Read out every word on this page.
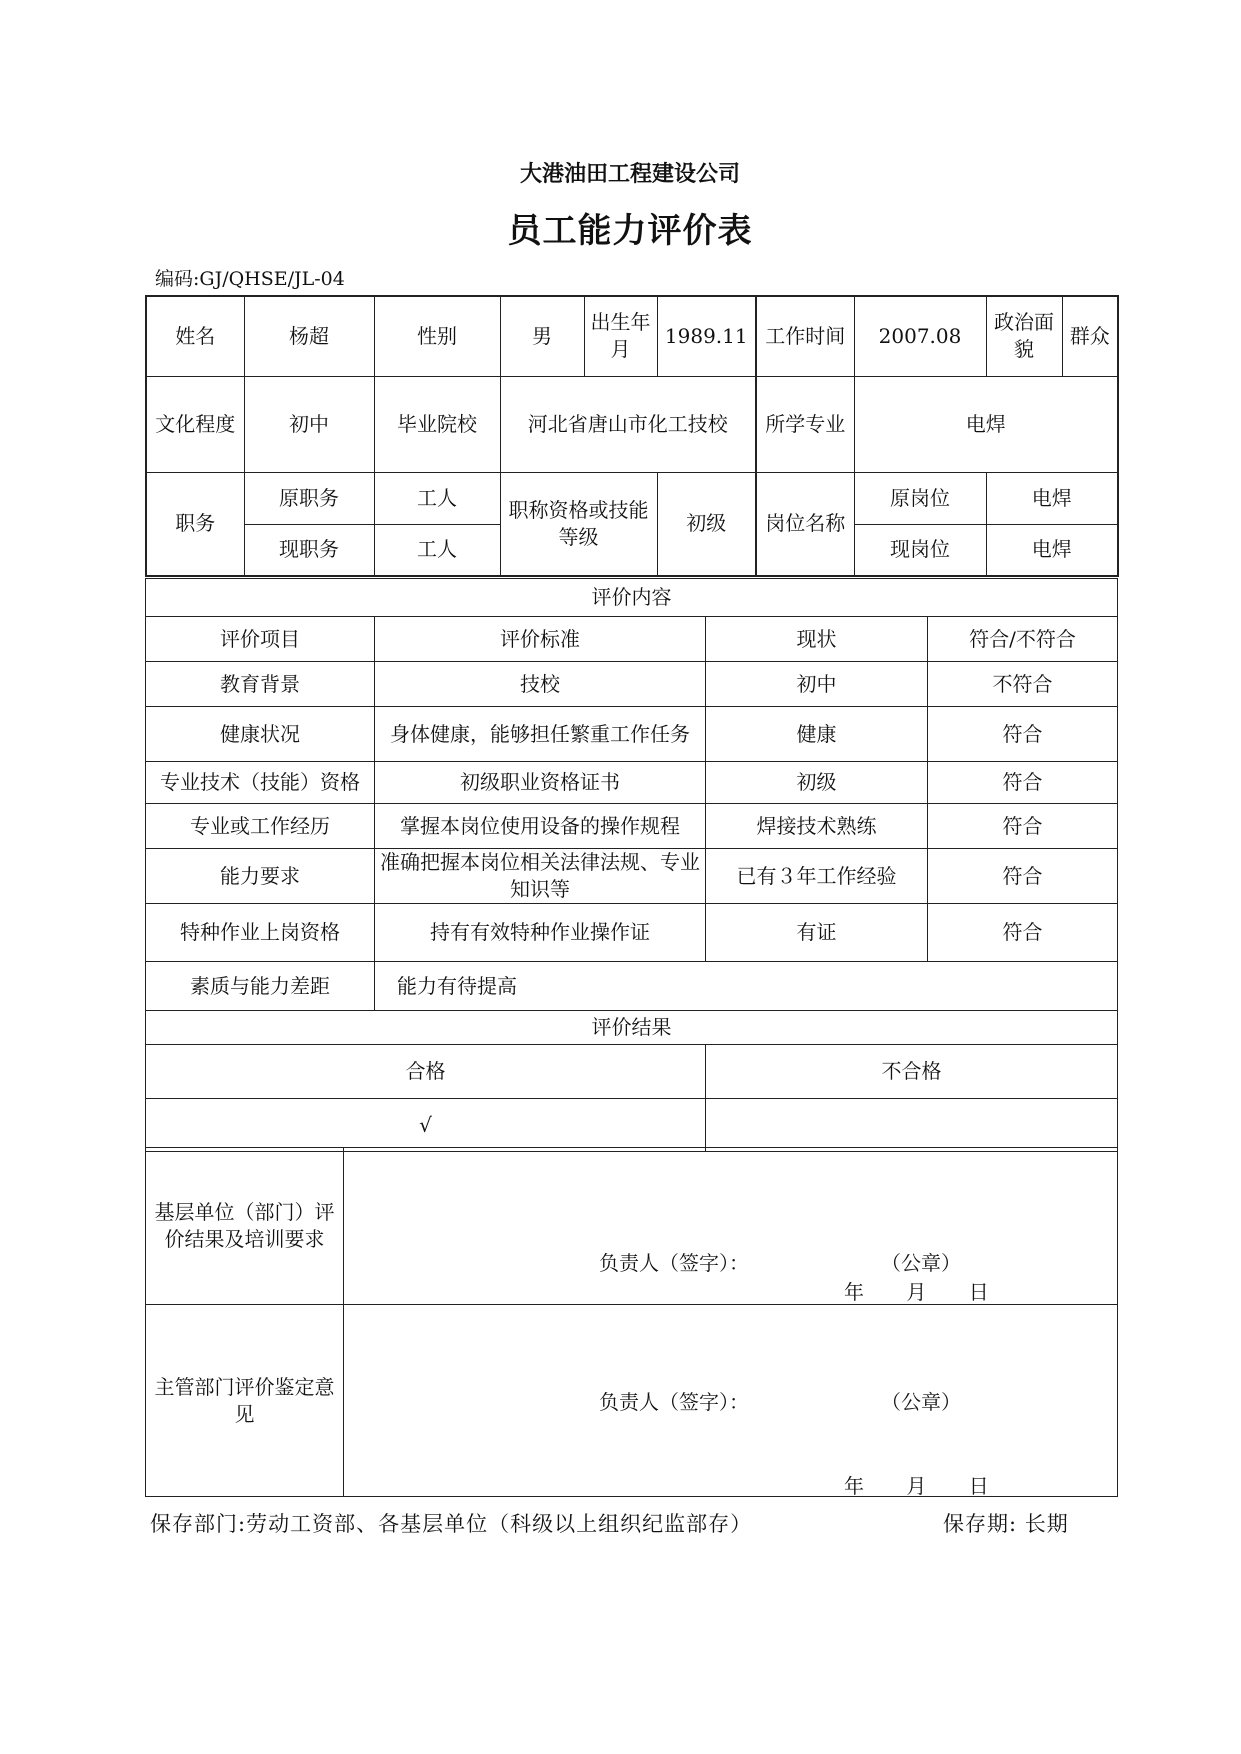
大港油田工程建设公司
员工能力评价表
编码:GJ/QHSE/JL-04
姓名	杨超	性别	男	出生年月	1989.11	工作时间	2007.08	政治面貌	群众
文化程度	初中	毕业院校	河北省唐山市化工技校			所学专业	电焊		
职务	原职务	工人	职称资格或技能等级		初级	岗位名称	原岗位	电焊	
	现职务	工人					现岗位	电焊	
评价内容			
评价项目	评价标准	现状	符合/不符合
教育背景	技校	初中	不符合
健康状况	身体健康，能够担任繁重工作任务	健康	符合
专业技术（技能）资格	初级职业资格证书	初级	符合
专业或工作经历	掌握本岗位使用设备的操作规程	焊接技术熟练	符合
能力要求	准确把握本岗位相关法律法规、专业知识等	已有３年工作经验	符合
特种作业上岗资格	持有有效特种作业操作证	有证	符合
素质与能力差距	能力有待提高		
评价结果			
合格		不合格	
√			
基层单位（部门）评价结果及培训要求	负责人（签字）： （公章）
年 月 日

主管部门评价鉴定意见	负责人（签字）： （公章）
年 月 日
保存部门:劳动工资部、各基层单位（科级以上组织纪监部存）	保存期: 长期
